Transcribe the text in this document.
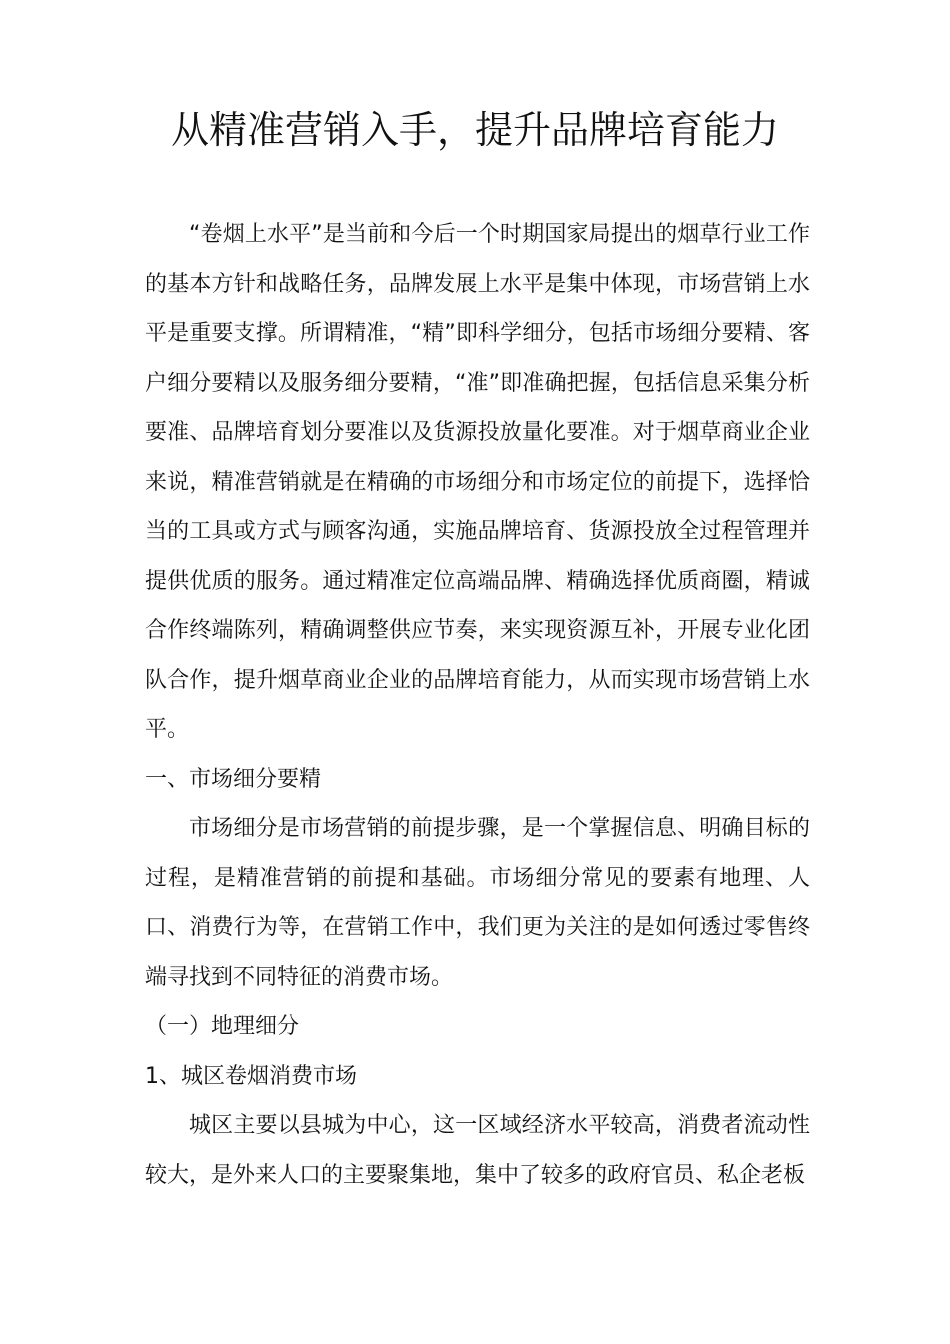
从精准营销入手，提升品牌培育能力

“卷烟上水平”是当前和今后一个时期国家局提出的烟草行业工作的基本方针和战略任务，品牌发展上水平是集中体现，市场营销上水平是重要支撑。所谓精准，“精”即科学细分，包括市场细分要精、客户细分要精以及服务细分要精，“准”即准确把握，包括信息采集分析要准、品牌培育划分要准以及货源投放量化要准。对于烟草商业企业来说，精准营销就是在精确的市场细分和市场定位的前提下，选择恰当的工具或方式与顾客沟通，实施品牌培育、货源投放全过程管理并提供优质的服务。通过精准定位高端品牌、精确选择优质商圈，精诚合作终端陈列，精确调整供应节奏，来实现资源互补，开展专业化团队合作，提升烟草商业企业的品牌培育能力，从而实现市场营销上水平。

一、市场细分要精

市场细分是市场营销的前提步骤，是一个掌握信息、明确目标的过程，是精准营销的前提和基础。市场细分常见的要素有地理、人口、消费行为等，在营销工作中，我们更为关注的是如何透过零售终端寻找到不同特征的消费市场。

（一）地理细分

1、城区卷烟消费市场

城区主要以县城为中心，这一区域经济水平较高，消费者流动性较大，是外来人口的主要聚集地，集中了较多的政府官员、私企老板
